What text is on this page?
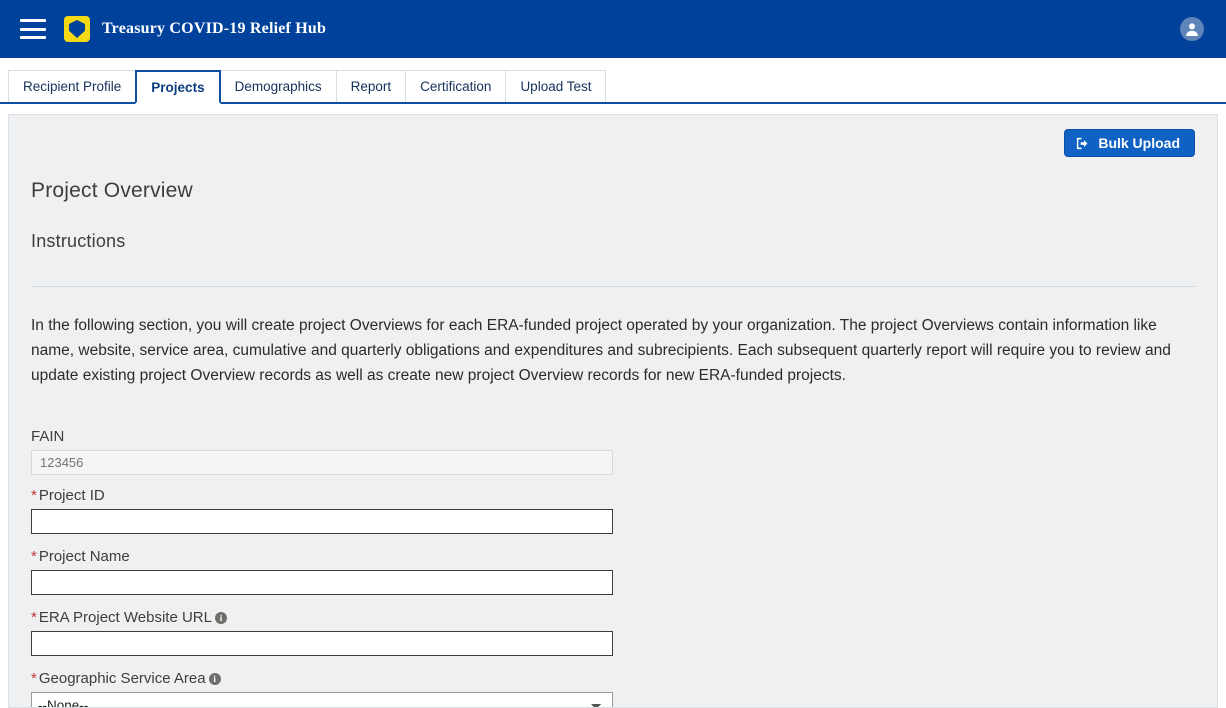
Treasury COVID-19 Relief Hub
Recipient Profile	Projects	Demographics	Report	Certification	Upload Test
Bulk Upload
Project Overview
Instructions

In the following section, you will create project Overviews for each ERA-funded project operated by your organization. The project Overviews contain information like name, website, service area, cumulative and quarterly obligations and expenditures and subrecipients. Each subsequent quarterly report will require you to review and update existing project Overview records as well as create new project Overview records for new ERA-funded projects.

FAIN
123456
* Project ID
* Project Name
* ERA Project Website URL i
* Geographic Service Area i
--None--
